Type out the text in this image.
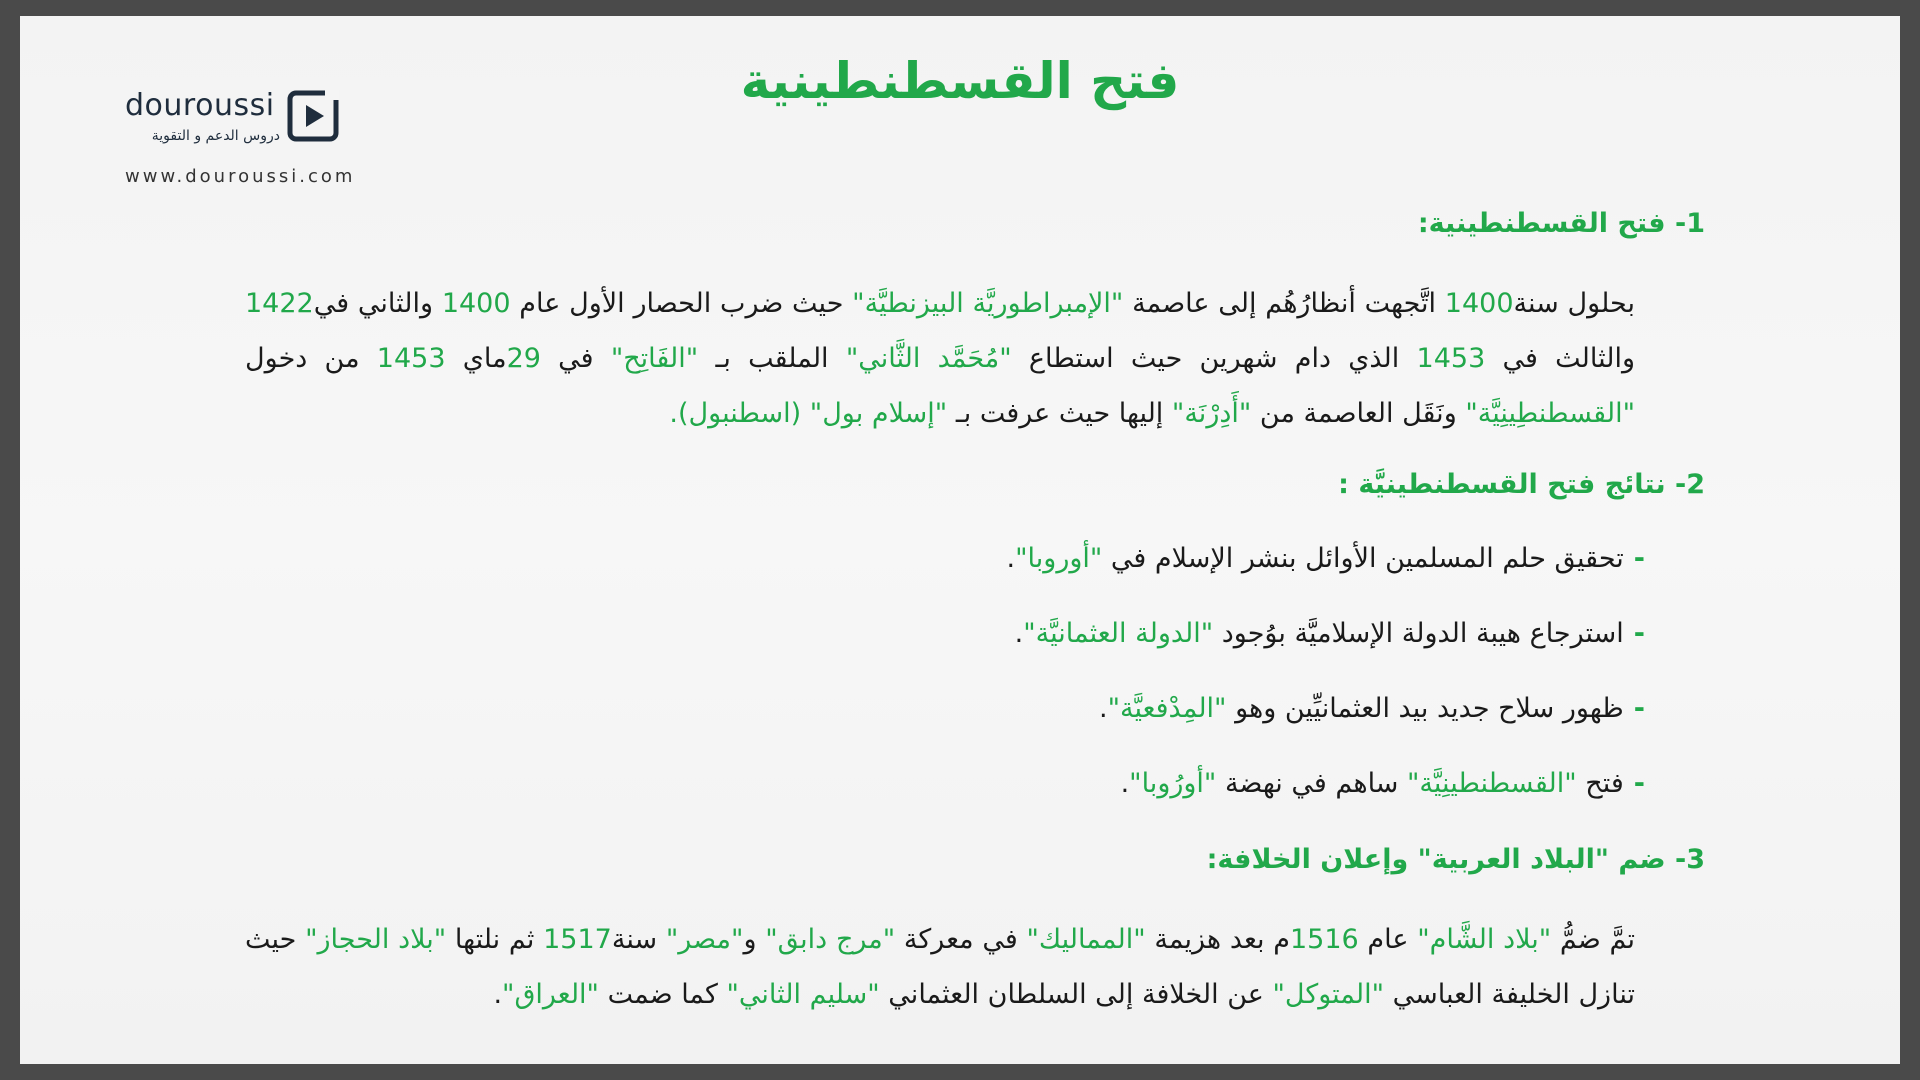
douroussi
دروس الدعم و التقوية
www.douroussi.com
فتح القسطنطينية

1- فتح القسطنطينية:

بحلول سنة1400 اتَّجهت أنظارُهُم إلى عاصمة "الإمبراطوريَّة البيزنطيَّة" حيث ضرب الحصار الأول عام 1400 والثاني في1422 والثالث في 1453 الذي دام شهرين حيث استطاع "مُحَمَّد الثَّاني" الملقب بـ "الفَاتِح" في 29ماي 1453 من دخول "القسطنطِينِيَّة" ونَقَل العاصمة من "أَدِرْنَة" إليها حيث عرفت بـ "إسلام بول" (اسطنبول).

2- نتائج فتح القسطنطينيَّة :

-تحقيق حلم المسلمين الأوائل بنشر الإسلام في "أوروبا".

-استرجاع هيبة الدولة الإسلاميَّة بوُجود "الدولة العثمانيَّة".

-ظهور سلاح جديد بيد العثمانيِّين وهو "المِدْفعيَّة".

-فتح "القسطنطينِيَّة" ساهم في نهضة "أورُوبا".

3- ضم "البلاد العربية" وإعلان الخلافة:

تمَّ ضمُّ "بلاد الشَّام" عام 1516م بعد هزيمة "المماليك" في معركة "مرج دابق" و"مصر" سنة1517 ثم نلتها "بلاد الحجاز" حيث تنازل الخليفة العباسي "المتوكل" عن الخلافة إلى السلطان العثماني "سليم الثاني" كما ضمت "العراق".
